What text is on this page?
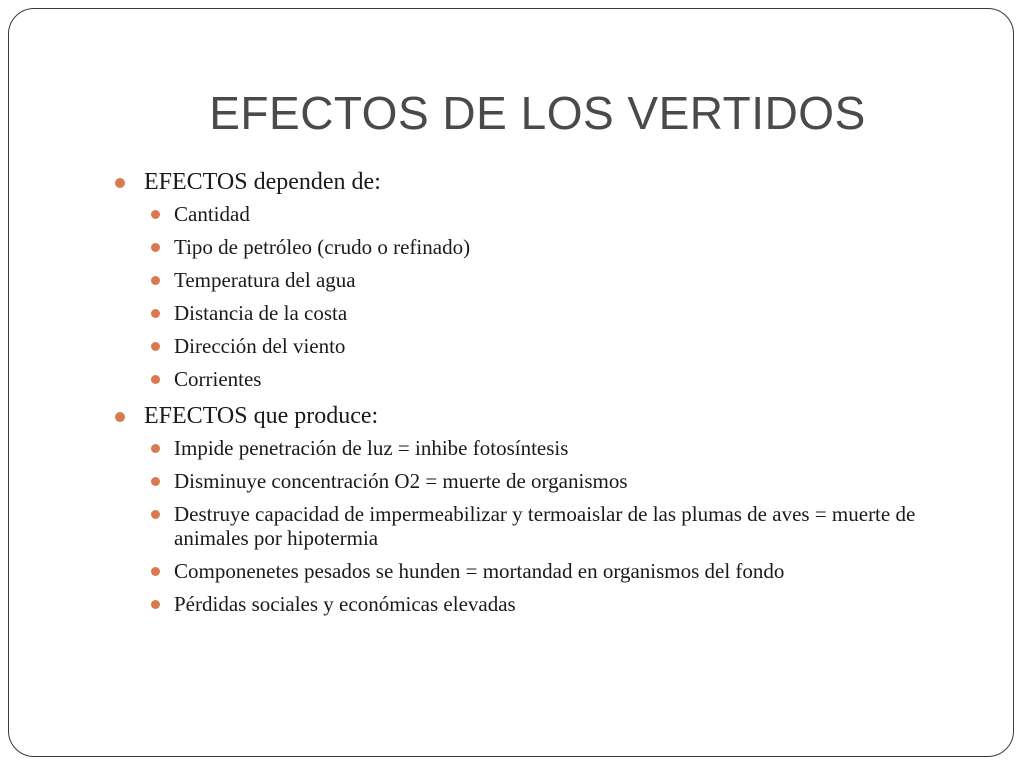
EFECTOS DE LOS VERTIDOS
EFECTOS dependen de:
Cantidad
Tipo de petróleo (crudo o refinado)
Temperatura del agua
Distancia de la costa
Dirección del viento
Corrientes
EFECTOS que produce:
Impide penetración de luz = inhibe fotosíntesis
Disminuye concentración O2 = muerte de organismos
Destruye capacidad de impermeabilizar y termoaislar de las plumas de aves = muerte de animales por hipotermia
Componenetes pesados se hunden = mortandad en organismos del fondo
Pérdidas sociales y económicas elevadas
